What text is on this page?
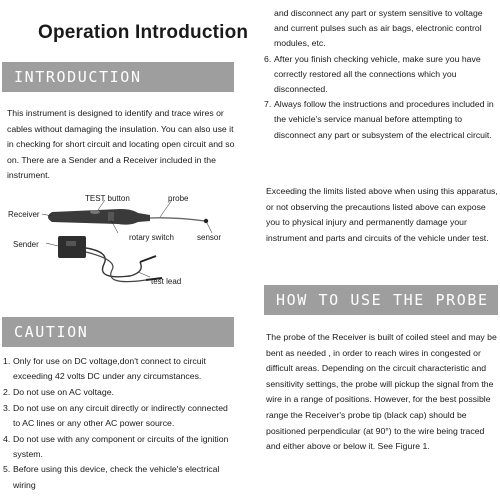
Operation Introduction
INTRODUCTION

This instrument is designed to identify and trace wires or cables without damaging the insulation. You can also use it in checking for short circuit and locating open circuit and so on. There are a Sender and a Receiver included in the instrument.

TEST button	probe
Receiver
Sender
rotary switch	sensor
test lead
CAUTION
1. Only for use on DC voltage,don't connect to circuit exceeding 42 volts DC under any circumstances.
2. Do not use on AC voltage.
3. Do not use on any circuit directly or indirectly connected to AC lines or any other AC power source.
4. Do not use with any component or circuits of the ignition system.
5. Before using this device, check the vehicle's electrical wiring
and disconnect any part or system sensitive to voltage and current pulses such as air bags, electronic control modules, etc.
6. After you finish checking vehicle, make sure you have correctly restored all the connections which you disconnected.
7. Always follow the instructions and procedures included in the vehicle's service manual before attempting to disconnect any part or subsystem of the electrical circuit.

Exceeding the limits listed above when using this apparatus, or not observing the precautions listed above can expose you to physical injury and permanently damage your instrument and parts and circuits of the vehicle under test.

HOW TO USE THE PROBE

The probe of the Receiver is built of coiled steel and may be bent as needed , in order to reach wires in congested or difficult areas. Depending on the circuit characteristic and sensitivity settings, the probe will pickup the signal from the wire in a range of positions. However, for the best possible range the Receiver's probe tip (black cap) should be positioned perpendicular (at 90°) to the wire being traced and either above or below it. See Figure 1.
